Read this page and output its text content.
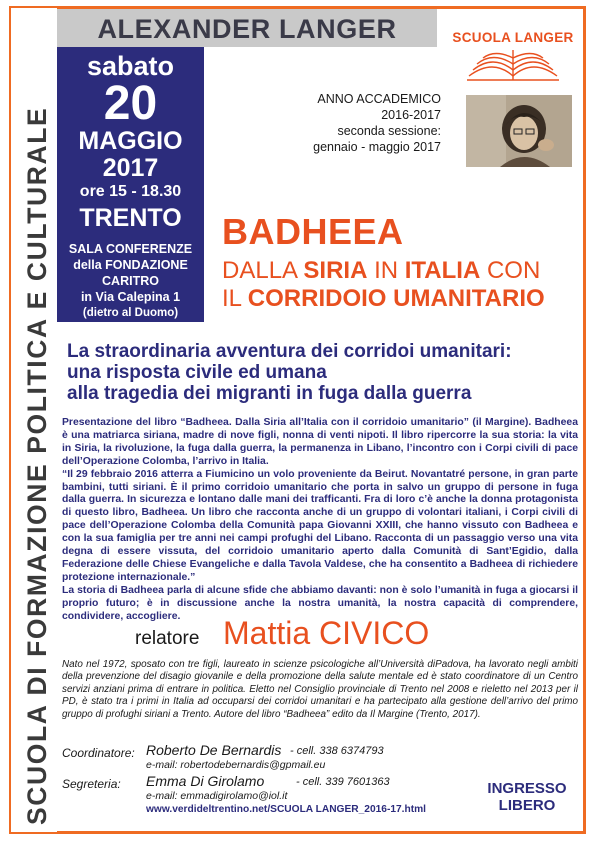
SCUOLA DI FORMAZIONE POLITICA E CULTURALE
ALEXANDER LANGER
sabato
20
MAGGIO
2017
ore 15 - 18.30
TRENTO
SALA CONFERENZE
della FONDAZIONE
CARITRO
in Via Calepina 1
(dietro al Duomo)
SCUOLA LANGER
ANNO ACCADEMICO
2016-2017
seconda sessione:
gennaio - maggio 2017
BADHEEA
DALLA SIRIA IN ITALIA CON
IL CORRIDOIO UMANITARIO
La straordinaria avventura dei corridoi umanitari:
una risposta civile ed umana
alla tragedia dei migranti in fuga dalla guerra

Presentazione del libro “Badheea. Dalla Siria all’Italia con il corridoio umanitario” (il Margine). Badheea è una matriarca siriana, madre di nove figli, nonna di venti nipoti. Il libro ripercorre la sua storia: la vita in Siria, la rivoluzione, la fuga dalla guerra, la permanenza in Libano, l’incontro con i Corpi civili di pace dell’Operazione Colomba, l’arrivo in Italia.

“Il 29 febbraio 2016 atterra a Fiumicino un volo proveniente da Beirut. Novantatré persone, in gran parte bambini, tutti siriani. È il primo corridoio umanitario che porta in salvo un gruppo di persone in fuga dalla guerra. In sicurezza e lontano dalle mani dei trafficanti. Fra di loro c’è anche la donna protagonista di questo libro, Badheea. Un libro che racconta anche di un gruppo di volontari italiani, i Corpi civili di pace dell’Operazione Colomba della Comunità papa Giovanni XXIII, che hanno vissuto con Badheea e con la sua famiglia per tre anni nei campi profughi del Libano. Racconta di un passaggio verso una vita degna di essere vissuta, del corridoio umanitario aperto dalla Comunità di Sant’Egidio, dalla Federazione delle Chiese Evangeliche e dalla Tavola Valdese, che ha consentito a Badheea di richiedere protezione internazionale.”

La storia di Badheea parla di alcune sfide che abbiamo davanti: non è solo l’umanità in fuga a giocarsi il proprio futuro; è in discussione anche la nostra umanità, la nostra capacità di comprendere, condividere, accogliere.

relatore Mattia CIVICO
Nato nel 1972, sposato con tre figli, laureato in scienze psicologiche all’Università diPadova, ha lavorato negli ambiti della prevenzione del disagio giovanile e della promozione della salute mentale ed è stato coordinatore di un Centro servizi anziani prima di entrare in politica. Eletto nel Consiglio provinciale di Trento nel 2008 e rieletto nel 2013 per il PD, è stato tra i primi in Italia ad occuparsi dei corridoi umanitari e ha partecipato alla gestione dell’arrivo del primo gruppo di profughi siriani a Trento. Autore del libro “Badheea” edito da Il Margine (Trento, 2017).
Coordinatore: Roberto De Bernardis - cell. 338 6374793
e-mail: robertodebernardis@gpmail.eu
Segreteria: Emma Di Girolamo	- cell. 339 7601363
e-mail: emmadigirolamo@iol.it
www.verdideltrentino.net/SCUOLA LANGER_2016-17.html
INGRESSO
LIBERO
